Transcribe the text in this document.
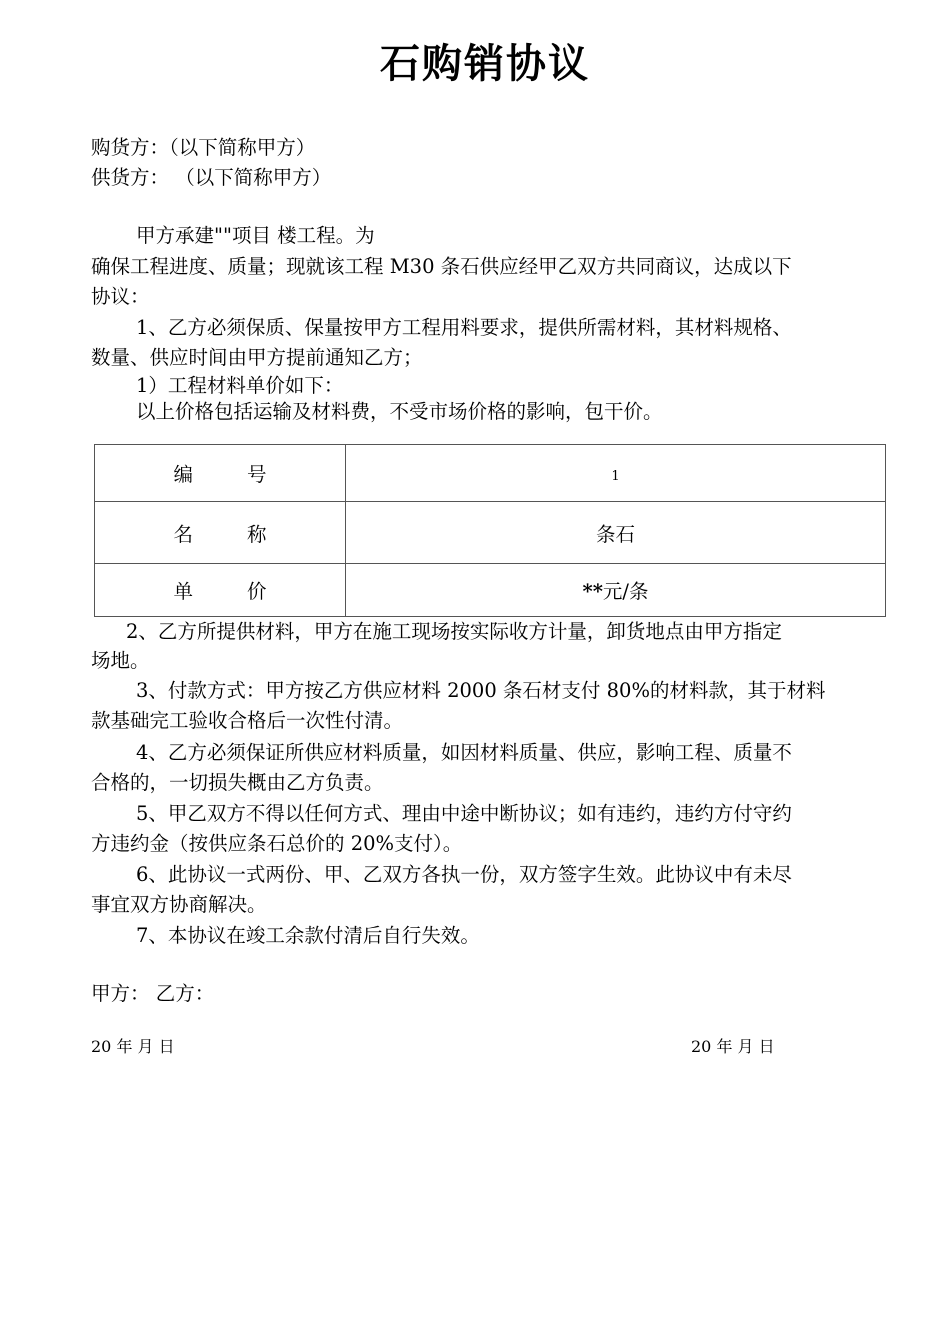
石购销协议
购货方：（以下简称甲方）
供货方： （以下简称甲方）
甲方承建""项目 楼工程。为
确保工程进度、质量；现就该工程 M30 条石供应经甲乙双方共同商议，达成以下
协议：
1、乙方必须保质、保量按甲方工程用料要求，提供所需材料，其材料规格、
数量、供应时间由甲方提前通知乙方；
1）工程材料单价如下：
以上价格包括运输及材料费，不受市场价格的影响，包干价。
编 号	1
名 称	条石
单 价	**元/条
2、乙方所提供材料，甲方在施工现场按实际收方计量，卸货地点由甲方指定
场地。
3、付款方式：甲方按乙方供应材料 2000 条石材支付 80%的材料款，其于材料
款基础完工验收合格后一次性付清。
4、乙方必须保证所供应材料质量，如因材料质量、供应，影响工程、质量不
合格的，一切损失概由乙方负责。
5、甲乙双方不得以任何方式、理由中途中断协议；如有违约，违约方付守约
方违约金（按供应条石总价的 20%支付）。
6、此协议一式两份、甲、乙双方各执一份，双方签字生效。此协议中有未尽
事宜双方协商解决。
7、本协议在竣工余款付清后自行失效。
甲方： 乙方：
20 年 月 日	20 年 月 日
